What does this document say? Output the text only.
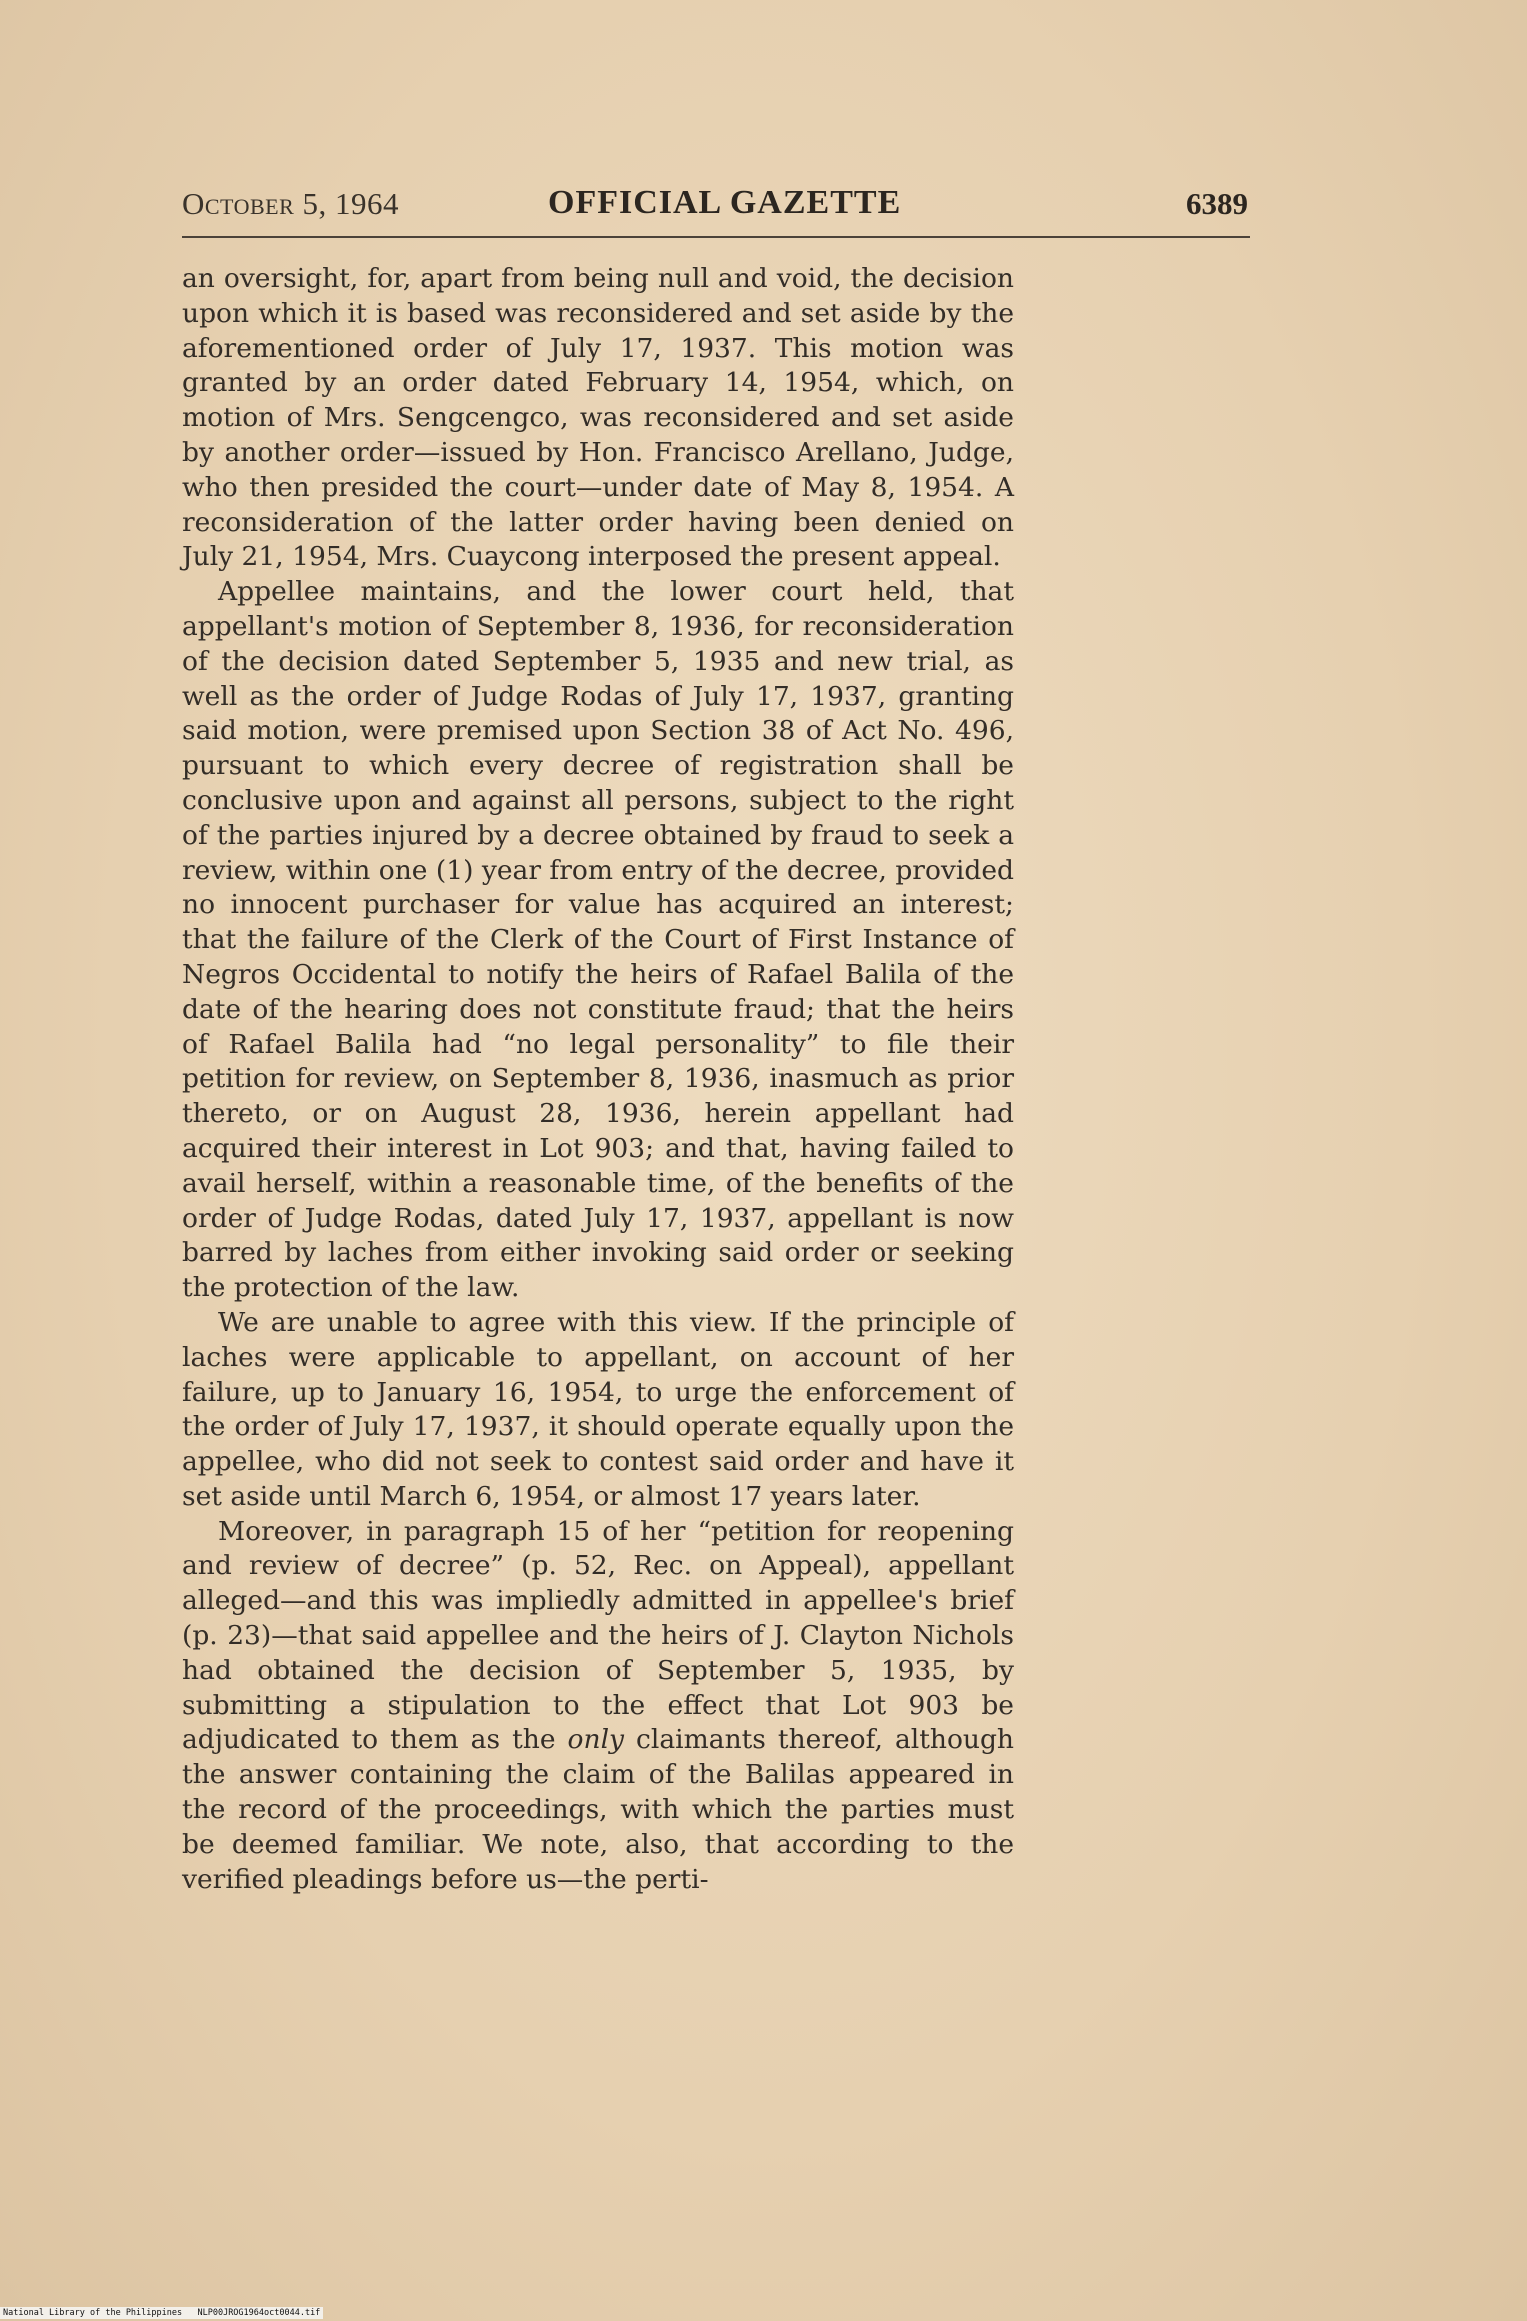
October 5, 1964	OFFICIAL GAZETTE	6389

an oversight, for, apart from being null and void, the decision upon which it is based was reconsidered and set aside by the aforementioned order of July 17, 1937. This motion was granted by an order dated February 14, 1954, which, on motion of Mrs. Sengcengco, was reconsidered and set aside by another order—issued by Hon. Francisco Arellano, Judge, who then presided the court—under date of May 8, 1954. A reconsideration of the latter order having been denied on July 21, 1954, Mrs. Cuaycong interposed the present appeal.

Appellee maintains, and the lower court held, that appellant's motion of September 8, 1936, for reconsideration of the decision dated September 5, 1935 and new trial, as well as the order of Judge Rodas of July 17, 1937, granting said motion, were premised upon Section 38 of Act No. 496, pursuant to which every decree of registration shall be conclusive upon and against all persons, subject to the right of the parties injured by a decree obtained by fraud to seek a review, within one (1) year from entry of the decree, provided no innocent purchaser for value has acquired an interest; that the failure of the Clerk of the Court of First Instance of Negros Occidental to notify the heirs of Rafael Balila of the date of the hearing does not constitute fraud; that the heirs of Rafael Balila had “no legal personality” to file their petition for review, on September 8, 1936, inasmuch as prior thereto, or on August 28, 1936, herein appellant had acquired their interest in Lot 903; and that, having failed to avail herself, within a reasonable time, of the benefits of the order of Judge Rodas, dated July 17, 1937, appellant is now barred by laches from either invoking said order or seeking the protection of the law.

We are unable to agree with this view. If the principle of laches were applicable to appellant, on account of her failure, up to January 16, 1954, to urge the enforcement of the order of July 17, 1937, it should operate equally upon the appellee, who did not seek to contest said order and have it set aside until March 6, 1954, or almost 17 years later.

Moreover, in paragraph 15 of her “petition for reopening and review of decree” (p. 52, Rec. on Appeal), appellant alleged—and this was impliedly admitted in appellee's brief (p. 23)—that said appellee and the heirs of J. Clayton Nichols had obtained the decision of September 5, 1935, by submitting a stipulation to the effect that Lot 903 be adjudicated to them as the only claimants thereof, although the answer containing the claim of the Balilas appeared in the record of the proceedings, with which the parties must be deemed familiar. We note, also, that according to the verified pleadings before us—the perti-

National Library of the Philippines NLP00JROG1964oct0044.tif
